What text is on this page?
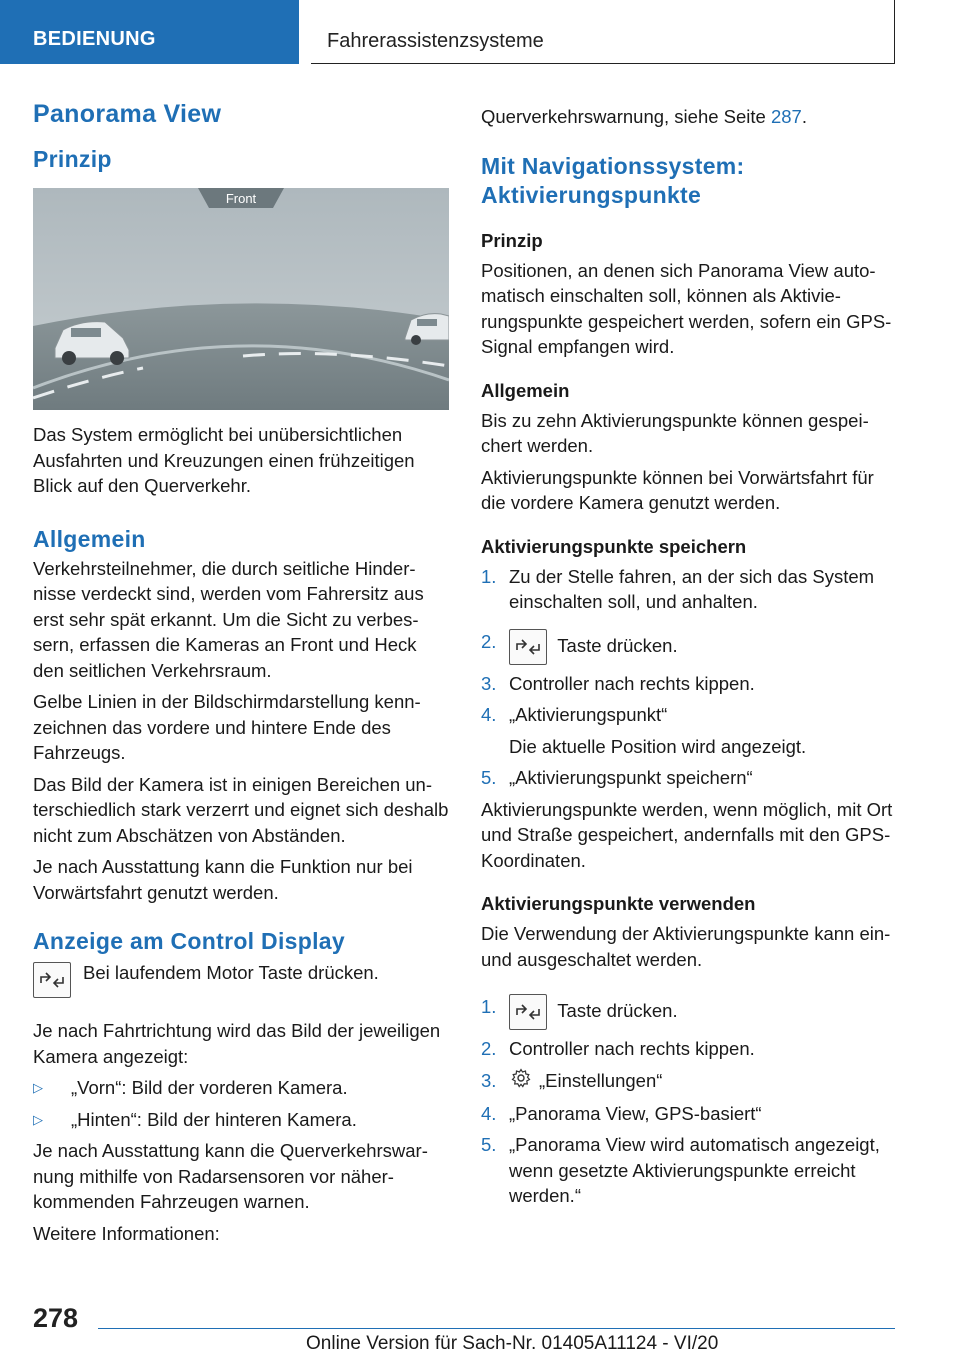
BEDIENUNG	Fahrerassistenzsysteme
Panorama View
Prinzip
Front

Das System ermöglicht bei unübersichtlichen Ausfahrten und Kreuzungen einen frühzeitigen Blick auf den Querverkehr.

Allgemein

Verkehrsteilnehmer, die durch seitliche Hindernisse verdeckt sind, werden vom Fahrersitz aus erst sehr spät erkannt. Um die Sicht zu verbessern, erfassen die Kameras an Front und Heck den seitlichen Verkehrsraum.

Gelbe Linien in der Bildschirmdarstellung kennzeichnen das vordere und hintere Ende des Fahrzeugs.

Das Bild der Kamera ist in einigen Bereichen unterschiedlich stark verzerrt und eignet sich deshalb nicht zum Abschätzen von Abständen.

Je nach Ausstattung kann die Funktion nur bei Vorwärtsfahrt genutzt werden.

Anzeige am Control Display

Bei laufendem Motor Taste drücken.

Je nach Fahrtrichtung wird das Bild der jeweiligen Kamera angezeigt:

▷ „Vorn“: Bild der vorderen Kamera.
▷ „Hinten“: Bild der hinteren Kamera.

Je nach Ausstattung kann die Querverkehrswarnung mithilfe von Radarsensoren vor näherkommenden Fahrzeugen warnen.

Weitere Informationen:

Querverkehrswarnung, siehe Seite 287.

Mit Navigationssystem: Aktivierungspunkte
Prinzip

Positionen, an denen sich Panorama View automatisch einschalten soll, können als Aktivierungspunkte gespeichert werden, sofern ein GPS-Signal empfangen wird.

Allgemein

Bis zu zehn Aktivierungspunkte können gespeichert werden.

Aktivierungspunkte können bei Vorwärtsfahrt für die vordere Kamera genutzt werden.

Aktivierungspunkte speichern
1. Zu der Stelle fahren, an der sich das System einschalten soll, und anhalten.
2.	Taste drücken.
3. Controller nach rechts kippen.
4. „Aktivierungspunkt“
Die aktuelle Position wird angezeigt.
5. „Aktivierungspunkt speichern“

Aktivierungspunkte werden, wenn möglich, mit Ort und Straße gespeichert, andernfalls mit den GPS-Koordinaten.

Aktivierungspunkte verwenden

Die Verwendung der Aktivierungspunkte kann ein- und ausgeschaltet werden.

1.	Taste drücken.
2. Controller nach rechts kippen.
3. „Einstellungen“
4. „Panorama View, GPS-basiert“
5. „Panorama View wird automatisch angezeigt, wenn gesetzte Aktivierungspunkte erreicht werden.“
278
Online Version für Sach-Nr. 01405A11124 - VI/20
